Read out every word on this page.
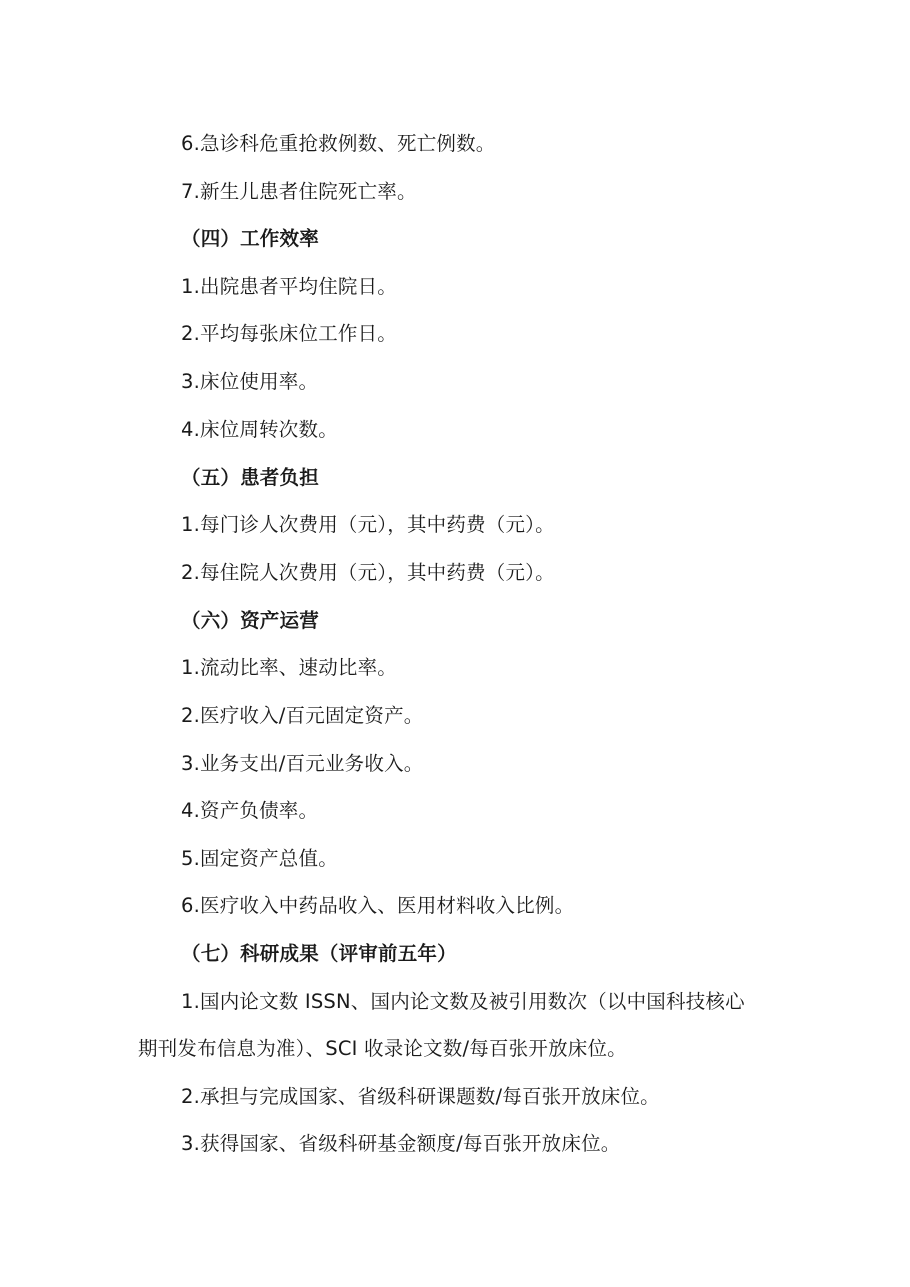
6.急诊科危重抢救例数、死亡例数。
7.新生儿患者住院死亡率。
（四）工作效率
1.出院患者平均住院日。
2.平均每张床位工作日。
3.床位使用率。
4.床位周转次数。
（五）患者负担
1.每门诊人次费用（元），其中药费（元）。
2.每住院人次费用（元），其中药费（元）。
（六）资产运营
1.流动比率、速动比率。
2.医疗收入/百元固定资产。
3.业务支出/百元业务收入。
4.资产负债率。
5.固定资产总值。
6.医疗收入中药品收入、医用材料收入比例。
（七）科研成果（评审前五年）
1.国内论文数 ISSN、国内论文数及被引用数次（以中国科技核心
期刊发布信息为准）、SCI 收录论文数/每百张开放床位。
2.承担与完成国家、省级科研课题数/每百张开放床位。
3.获得国家、省级科研基金额度/每百张开放床位。
